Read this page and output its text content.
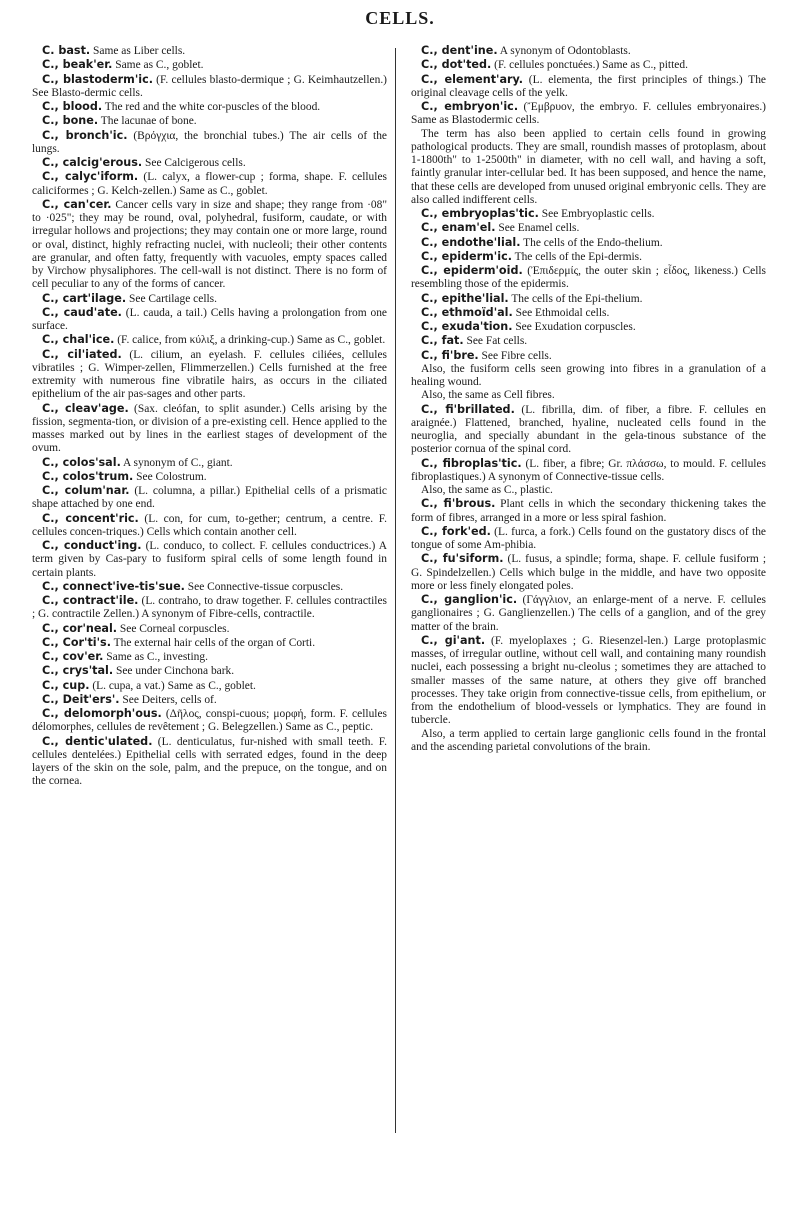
CELLS.

C. bast. Same as Liber cells.

C., beak'er. Same as C., goblet.

C., blastoderm'ic. (F. cellules blasto-dermique ; G. Keimhautzellen.) See Blasto-dermic cells.

C., blood. The red and the white cor-puscles of the blood.

C., bone. The lacunae of bone.

C., bronch'ic. (Βρόγχια, the bronchial tubes.) The air cells of the lungs.

C., calcig'erous. See Calcigerous cells.

C., calyc'iform. (L. calyx, a flower-cup ; forma, shape. F. cellules caliciformes ; G. Kelch-zellen.) Same as C., goblet.

C., can'cer. Cancer cells vary in size and shape; they range from ·08" to ·025"; they may be round, oval, polyhedral, fusiform, caudate, or with irregular hollows and projections; they may contain one or more large, round or oval, distinct, highly refracting nuclei, with nucleoli; their other contents are granular, and often fatty, frequently with vacuoles, empty spaces called by Virchow physaliphores. The cell-wall is not distinct. There is no form of cell peculiar to any of the forms of cancer.

C., cart'ilage. See Cartilage cells.

C., caud'ate. (L. cauda, a tail.) Cells having a prolongation from one surface.

C., chal'ice. (F. calice, from κύλιξ, a drinking-cup.) Same as C., goblet.

C., cil'iated. (L. cilium, an eyelash. F. cellules ciliées, cellules vibratiles ; G. Wimper-zellen, Flimmerzellen.) Cells furnished at the free extremity with numerous fine vibratile hairs, as occurs in the ciliated epithelium of the air pas-sages and other parts.

C., cleav'age. (Sax. cleófan, to split asunder.) Cells arising by the fission, segmenta-tion, or division of a pre-existing cell. Hence applied to the masses marked out by lines in the earliest stages of development of the ovum.

C., colos'sal. A synonym of C., giant.

C., colos'trum. See Colostrum.

C., colum'nar. (L. columna, a pillar.) Epithelial cells of a prismatic shape attached by one end.

C., concent'ric. (L. con, for cum, to-gether; centrum, a centre. F. cellules concen-triques.) Cells which contain another cell.

C., conduct'ing. (L. conduco, to collect. F. cellules conductrices.) A term given by Cas-pary to fusiform spiral cells of some length found in certain plants.

C., connect'ive-tis'sue. See Connective-tissue corpuscles.

C., contract'ile. (L. contraho, to draw together. F. cellules contractiles ; G. contractile Zellen.) A synonym of Fibre-cells, contractile.

C., cor'neal. See Corneal corpuscles.

C., Cor'ti's. The external hair cells of the organ of Corti.

C., cov'er. Same as C., investing.

C., crys'tal. See under Cinchona bark.

C., cup. (L. cupa, a vat.) Same as C., goblet.

C., Deit'ers'. See Deiters, cells of.

C., delomorph'ous. (Δῆλος, conspi-cuous; μορφή, form. F. cellules délomorphes, cellules de revêtement ; G. Belegzellen.) Same as C., peptic.

C., dentic'ulated. (L. denticulatus, fur-nished with small teeth. F. cellules dentelées.) Epithelial cells with serrated edges, found in the deep layers of the skin on the sole, palm, and the prepuce, on the tongue, and on the cornea.

C., dent'ine. A synonym of Odontoblasts.

C., dot'ted. (F. cellules ponctuées.) Same as C., pitted.

C., element'ary. (L. elementa, the first principles of things.) The original cleavage cells of the yelk.

C., embryon'ic. (Ἔμβρυον, the embryo. F. cellules embryonaires.) Same as Blastodermic cells.

The term has also been applied to certain cells found in growing pathological products. They are small, roundish masses of protoplasm, about 1-1800th" to 1-2500th" in diameter, with no cell wall, and having a soft, faintly granular inter-cellular bed. It has been supposed, and hence the name, that these cells are developed from unused original embryonic cells. They are also called indifferent cells.

C., embryoplas'tic. See Embryoplastic cells.

C., enam'el. See Enamel cells.

C., endothe'lial. The cells of the Endo-thelium.

C., epiderm'ic. The cells of the Epi-dermis.

C., epiderm'oid. (Ἐπιδερμίς, the outer skin ; εἶδος, likeness.) Cells resembling those of the epidermis.

C., epithe'lial. The cells of the Epi-thelium.

C., ethmoïd'al. See Ethmoidal cells.

C., exuda'tion. See Exudation corpuscles.

C., fat. See Fat cells.

C., fi'bre. See Fibre cells.

Also, the fusiform cells seen growing into fibres in a granulation of a healing wound.

Also, the same as Cell fibres.

C., fi'brillated. (L. fibrilla, dim. of fiber, a fibre. F. cellules en araignée.) Flattened, branched, hyaline, nucleated cells found in the neuroglia, and specially abundant in the gela-tinous substance of the posterior cornua of the spinal cord.

C., fibroplas'tic. (L. fiber, a fibre; Gr. πλάσσω, to mould. F. cellules fibroplastiques.) A synonym of Connective-tissue cells.

Also, the same as C., plastic.

C., fi'brous. Plant cells in which the secondary thickening takes the form of fibres, arranged in a more or less spiral fashion.

C., fork'ed. (L. furca, a fork.) Cells found on the gustatory discs of the tongue of some Am-phibia.

C., fu'siform. (L. fusus, a spindle; forma, shape. F. cellule fusiform ; G. Spindelzellen.) Cells which bulge in the middle, and have two opposite more or less finely elongated poles.

C., ganglion'ic. (Γάγγλιον, an enlarge-ment of a nerve. F. cellules ganglionaires ; G. Ganglienzellen.) The cells of a ganglion, and of the grey matter of the brain.

C., gi'ant. (F. myeloplaxes ; G. Riesenzel-len.) Large protoplasmic masses, of irregular outline, without cell wall, and containing many roundish nuclei, each possessing a bright nu-cleolus ; sometimes they are attached to smaller masses of the same nature, at others they give off branched processes. They take origin from connective-tissue cells, from epithelium, or from the endothelium of blood-vessels or lymphatics. They are found in tubercle.

Also, a term applied to certain large ganglionic cells found in the frontal and the ascending parietal convolutions of the brain.
